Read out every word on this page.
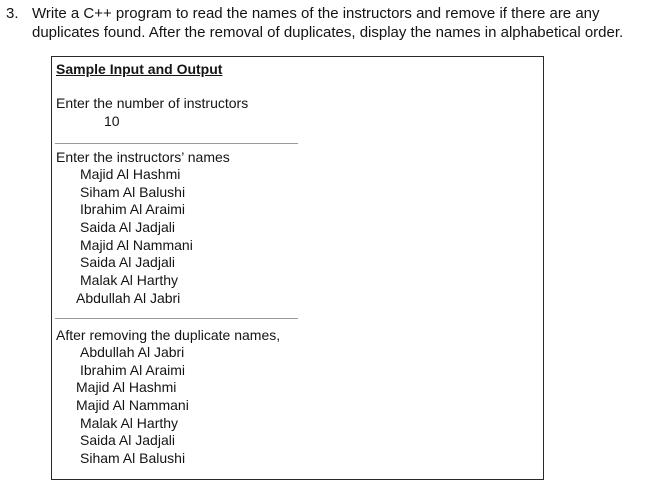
3. Write a C++ program to read the names of the instructors and remove if there are any
duplicates found. After the removal of duplicates, display the names in alphabetical order.
Sample Input and Output
Enter the number of instructors
10
Enter the instructors’ names
Majid Al Hashmi
Siham Al Balushi
Ibrahim Al Araimi
Saida Al Jadjali
Majid Al Nammani
Saida Al Jadjali
Malak Al Harthy
Abdullah Al Jabri
After removing the duplicate names,
Abdullah Al Jabri
Ibrahim Al Araimi
Majid Al Hashmi
Majid Al Nammani
Malak Al Harthy
Saida Al Jadjali
Siham Al Balushi
